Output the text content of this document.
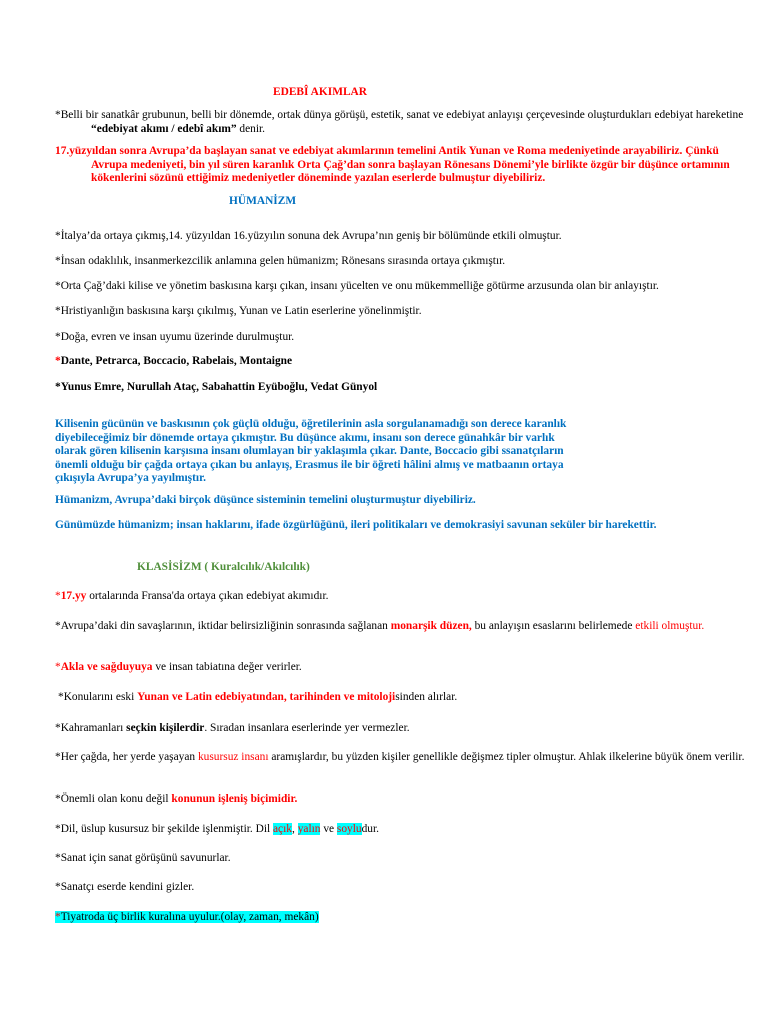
EDEBÎ AKIMLAR
*Belli bir sanatkâr grubunun, belli bir dönemde, ortak dünya görüşü, estetik, sanat ve edebiyat anlayışı çerçevesinde oluşturdukları edebiyat hareketine “edebiyat akımı / edebî akım” denir.
17.yüzyıldan sonra Avrupa’da başlayan sanat ve edebiyat akımlarının temelini Antik Yunan ve Roma medeniyetinde arayabiliriz. Çünkü Avrupa medeniyeti, bin yıl süren karanlık Orta Çağ’dan sonra başlayan Rönesans Dönemi’yle birlikte özgür bir düşünce ortamının kökenlerini sözünü ettiğimiz medeniyetler döneminde yazılan eserlerde bulmuştur diyebiliriz.
HÜMANİZM
*İtalya’da ortaya çıkmış,14. yüzyıldan 16.yüzyılın sonuna dek Avrupa’nın geniş bir bölümünde etkili olmuştur.
*İnsan odaklılık, insanmerkezcilik anlamına gelen hümanizm; Rönesans sırasında ortaya çıkmıştır.
*Orta Çağ’daki kilise ve yönetim baskısına karşı çıkan, insanı yücelten ve onu mükemmelliğe götürme arzusunda olan bir anlayıştır.
*Hristiyanlığın baskısına karşı çıkılmış, Yunan ve Latin eserlerine yönelinmiştir.
*Doğa, evren ve insan uyumu üzerinde durulmuştur.
*Dante, Petrarca, Boccacio, Rabelais, Montaigne
*Yunus Emre, Nurullah Ataç, Sabahattin Eyüboğlu, Vedat Günyol
Kilisenin gücünün ve baskısının çok güçlü olduğu, öğretilerinin asla sorgulanamadığı son derece karanlık diyebileceğimiz bir dönemde ortaya çıkmıştır. Bu düşünce akımı, insanı son derece günahkâr bir varlık olarak gören kilisenin karşısına insanı olumlayan bir yaklaşımla çıkar. Dante, Boccacio gibi ssanatçıların önemli olduğu bir çağda ortaya çıkan bu anlayış, Erasmus ile bir öğreti hâlini almış ve matbaanın ortaya çıkışıyla Avrupa’ya yayılmıştır.
Hümanizm, Avrupa’daki birçok düşünce sisteminin temelini oluşturmuştur diyebiliriz.
Günümüzde hümanizm; insan haklarını, ifade özgürlüğünü, ileri politikaları ve demokrasiyi savunan seküler bir harekettir.
KLASİSİZM ( Kuralcılık/Akılcılık)
*17.yy ortalarında Fransa'da ortaya çıkan edebiyat akımıdır.
*Avrupa’daki din savaşlarının, iktidar belirsizliğinin sonrasında sağlanan monarşik düzen, bu anlayışın esaslarını belirlemede etkili olmuştur.
*Akla ve sağduyuya ve insan tabiatına değer verirler.
*Konularını eski Yunan ve Latin edebiyatından, tarihinden ve mitolojisinden alırlar.
*Kahramanları seçkin kişilerdir. Sıradan insanlara eserlerinde yer vermezler.
*Her çağda, her yerde yaşayan kusursuz insanı aramışlardır, bu yüzden kişiler genellikle değişmez tipler olmuştur. Ahlak ilkelerine büyük önem verilir.
*Önemli olan konu değil konunun işleniş biçimidir.
*Dil, üslup kusursuz bir şekilde işlenmiştir. Dil açık, yalın ve soyludur.
*Sanat için sanat görüşünü savunurlar.
*Sanatçı eserde kendini gizler.
*Tiyatroda üç birlik kuralına uyulur.(olay, zaman, mekân)
